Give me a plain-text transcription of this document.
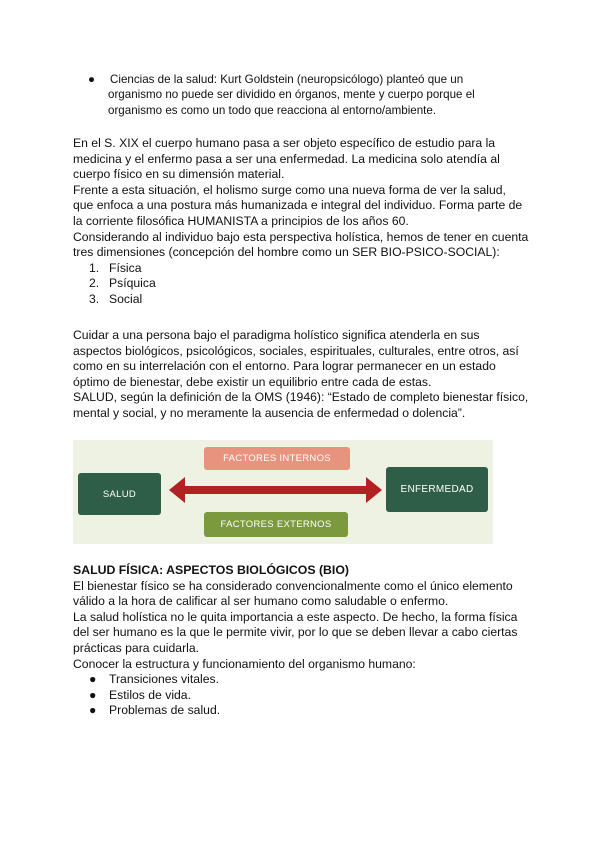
● Ciencias de la salud: Kurt Goldstein (neuropsicólogo) planteó que un
organismo no puede ser dividido en órganos, mente y cuerpo porque el
organismo es como un todo que reacciona al entorno/ambiente.

En el S. XIX el cuerpo humano pasa a ser objeto específico de estudio para la
medicina y el enfermo pasa a ser una enfermedad. La medicina solo atendía al
cuerpo físico en su dimensión material.

Frente a esta situación, el holismo surge como una nueva forma de ver la salud,
que enfoca a una postura más humanizada e integral del individuo. Forma parte de
la corriente filosófica HUMANISTA a principios de los años 60.

Considerando al individuo bajo esta perspectiva holística, hemos de tener en cuenta
tres dimensiones (concepción del hombre como un SER BIO-PSICO-SOCIAL):

1. Física
2. Psíquica
3. Social

Cuidar a una persona bajo el paradigma holístico significa atenderla en sus
aspectos biológicos, psicológicos, sociales, espirituales, culturales, entre otros, así
como en su interrelación con el entorno. Para lograr permanecer en un estado
óptimo de bienestar, debe existir un equilibrio entre cada de estas.

SALUD, según la definición de la OMS (1946): “Estado de completo bienestar físico,
mental y social, y no meramente la ausencia de enfermedad o dolencia”.

FACTORES INTERNOS
SALUD	ENFERMEDAD
FACTORES EXTERNOS
SALUD FÍSICA: ASPECTOS BIOLÓGICOS (BIO)

El bienestar físico se ha considerado convencionalmente como el único elemento
válido a la hora de calificar al ser humano como saludable o enfermo.

La salud holística no le quita importancia a este aspecto. De hecho, la forma física
del ser humano es la que le permite vivir, por lo que se deben llevar a cabo ciertas
prácticas para cuidarla.

Conocer la estructura y funcionamiento del organismo humano:

● Transiciones vitales.
● Estilos de vida.
● Problemas de salud.
